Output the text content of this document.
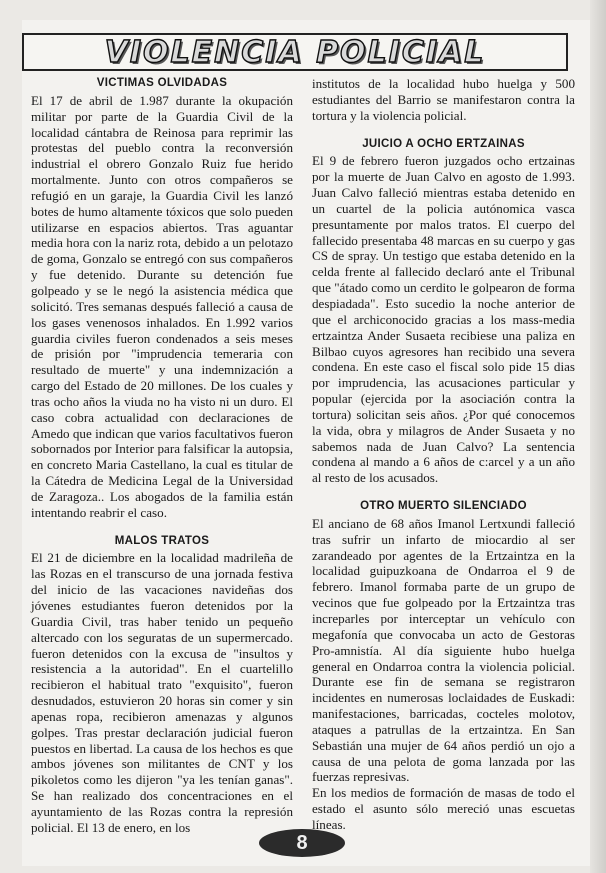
VIOLENCIA POLICIAL
VICTIMAS OLVIDADAS

El 17 de abril de 1.987 durante la okupación militar por parte de la Guardia Civil de la localidad cántabra de Reinosa para reprimir las protestas del pueblo contra la reconversión industrial el obrero Gonzalo Ruiz fue herido mortalmente. Junto con otros compañeros se refugió en un garaje, la Guardia Civil les lanzó botes de humo altamente tóxicos que solo pueden utilizarse en espacios abiertos. Tras aguantar media hora con la nariz rota, debido a un pelotazo de goma, Gonzalo se entregó con sus compañeros y fue detenido. Durante su detención fue golpeado y se le negó la asistencia médica que solicitó. Tres semanas después falleció a causa de los gases venenosos inhalados. En 1.992 varios guardia civiles fueron condenados a seis meses de prisión por "imprudencia temeraria con resultado de muerte" y una indemnización a cargo del Estado de 20 millones. De los cuales y tras ocho años la viuda no ha visto ni un duro. El caso cobra actualidad con declaraciones de Amedo que indican que varios facultativos fueron sobornados por Interior para falsificar la autopsia, en concreto Maria Castellano, la cual es titular de la Cátedra de Medicina Legal de la Universidad de Zaragoza.. Los abogados de la familia están intentando reabrir el caso.

MALOS TRATOS

El 21 de diciembre en la localidad madrileña de las Rozas en el transcurso de una jornada festiva del inicio de las vacaciones navideñas dos jóvenes estudiantes fueron detenidos por la Guardia Civil, tras haber tenido un pequeño altercado con los seguratas de un supermercado. fueron detenidos con la excusa de "insultos y resistencia a la autoridad". En el cuartelillo recibieron el habitual trato "exquisito", fueron desnudados, estuvieron 20 horas sin comer y sin apenas ropa, recibieron amenazas y algunos golpes. Tras prestar declaración judicial fueron puestos en libertad. La causa de los hechos es que ambos jóvenes son militantes de CNT y los pikoletos como les dijeron "ya les tenían ganas". Se han realizado dos concentraciones en el ayuntamiento de las Rozas contra la represión policial. El 13 de enero, en los

institutos de la localidad hubo huelga y 500 estudiantes del Barrio se manifestaron contra la tortura y la violencia policial.

JUICIO A OCHO ERTZAINAS

El 9 de febrero fueron juzgados ocho ertzainas por la muerte de Juan Calvo en agosto de 1.993. Juan Calvo falleció mientras estaba detenido en un cuartel de la policia autónomica vasca presuntamente por malos tratos. El cuerpo del fallecido presentaba 48 marcas en su cuerpo y gas CS de spray. Un testigo que estaba detenido en la celda frente al fallecido declaró ante el Tribunal que "átado como un cerdito le golpearon de forma despiadada". Esto sucedio la noche anterior de que el archiconocido gracias a los mass-media ertzaintza Ander Susaeta recibiese una paliza en Bilbao cuyos agresores han recibido una severa condena. En este caso el fiscal solo pide 15 dias por imprudencia, las acusaciones particular y popular (ejercida por la asociación contra la tortura) solicitan seis años. ¿Por qué conocemos la vida, obra y milagros de Ander Susaeta y no sabemos nada de Juan Calvo? La sentencia condena al mando a 6 años de c:arcel y a un año al resto de los acusados.

OTRO MUERTO SILENCIADO

El anciano de 68 años Imanol Lertxundi falleció tras sufrir un infarto de miocardio al ser zarandeado por agentes de la Ertzaintza en la localidad guipuzkoana de Ondarroa el 9 de febrero. Imanol formaba parte de un grupo de vecinos que fue golpeado por la Ertzaintza tras increparles por interceptar un vehículo con megafonía que convocaba un acto de Gestoras Pro-amnistía. Al día siguiente hubo huelga general en Ondarroa contra la violencia policial. Durante ese fin de semana se registraron incidentes en numerosas loclaidades de Euskadi: manifestaciones, barricadas, cocteles molotov, ataques a patrullas de la ertzaintza. En San Sebastián una mujer de 64 años perdió un ojo a causa de una pelota de goma lanzada por las fuerzas represivas.

En los medios de formación de masas de todo el estado el asunto sólo mereció unas escuetas líneas.

8
